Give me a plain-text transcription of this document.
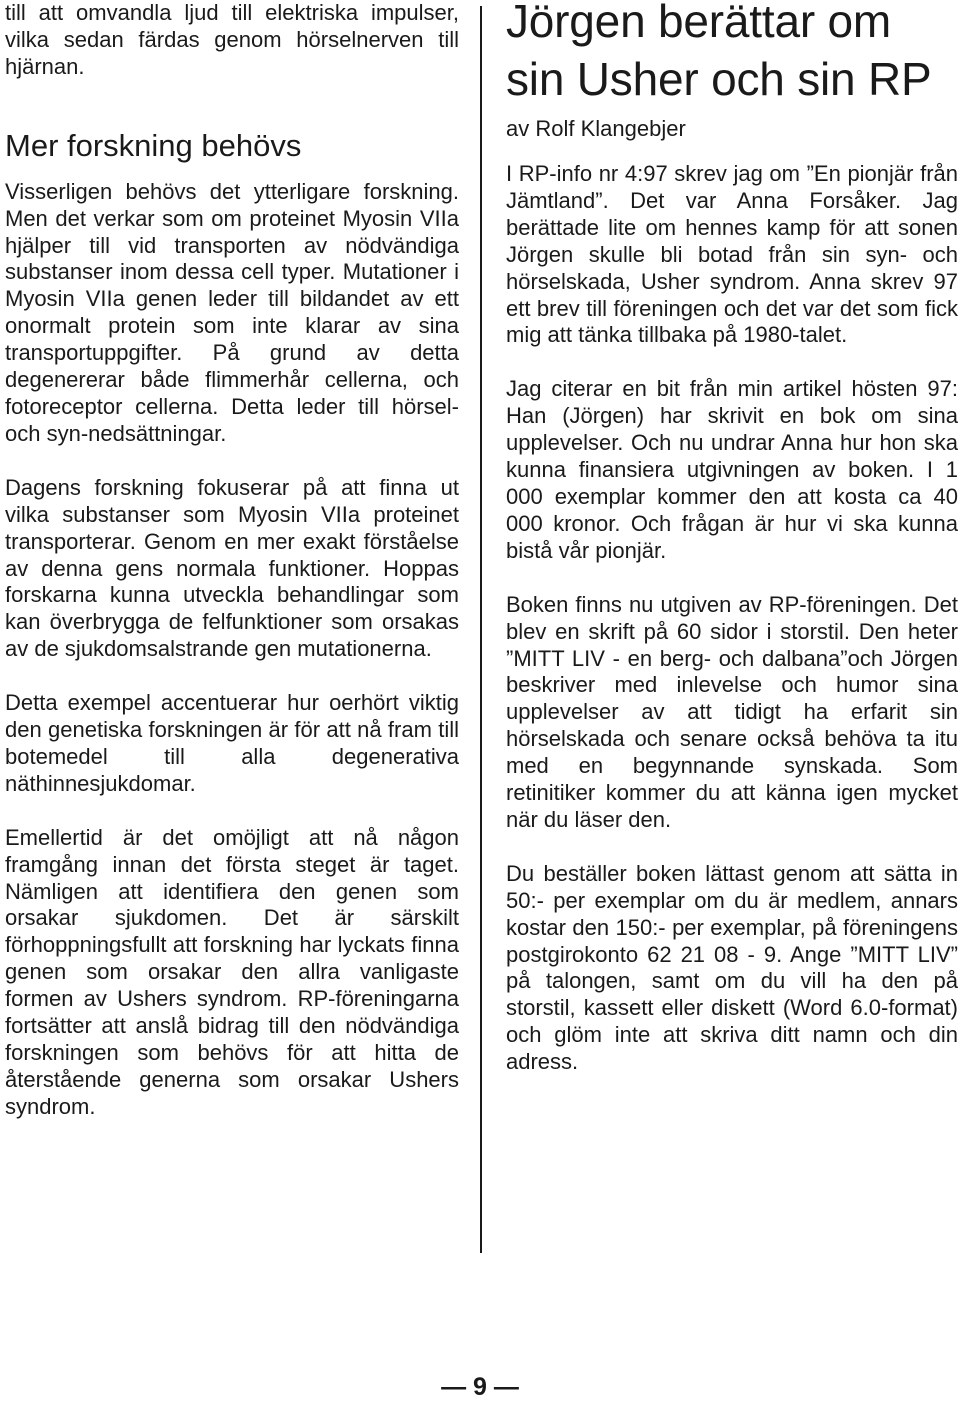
till att omvandla ljud till elektriska impulser, vilka sedan färdas genom hörselnerven till hjärnan.

Mer forskning behövs

Visserligen behövs det ytterligare forskning. Men det verkar som om proteinet Myosin VIIa hjälper till vid transporten av nödvändiga substanser inom dessa cell typer. Mutationer i Myosin VIIa genen leder till bildandet av ett onormalt protein som inte klarar av sina transportuppgifter. På grund av detta degenererar både flimmerhår cellerna, och fotoreceptor cellerna. Detta leder till hörsel- och syn-nedsättningar.

Dagens forskning fokuserar på att finna ut vilka substanser som Myosin VIIa proteinet transporterar. Genom en mer exakt förståelse av denna gens normala funktioner. Hoppas forskarna kunna utveckla behandlingar som kan överbrygga de felfunktioner som orsakas av de sjukdomsalstrande gen mutationerna.

Detta exempel accentuerar hur oerhört viktig den genetiska forskningen är för att nå fram till botemedel till alla degenerativa näthinnesjukdomar.

Emellertid är det omöjligt att nå någon framgång innan det första steget är taget. Nämligen att identifiera den genen som orsakar sjukdomen. Det är särskilt förhoppningsfullt att forskning har lyckats finna genen som orsakar den allra vanligaste formen av Ushers syndrom. RP-föreningarna fortsätter att anslå bidrag till den nödvändiga forskningen som behövs för att hitta de återstående generna som orsakar Ushers syndrom.

Jörgen berättar om sin Usher och sin RP
av Rolf Klangebjer

I RP-info nr 4:97 skrev jag om ”En pionjär från Jämtland”. Det var Anna Forsåker. Jag berättade lite om hennes kamp för att sonen Jörgen skulle bli botad från sin syn- och hörselskada, Usher syndrom. Anna skrev 97 ett brev till föreningen och det var det som fick mig att tänka tillbaka på 1980-talet.

Jag citerar en bit från min artikel hösten 97: Han (Jörgen) har skrivit en bok om sina upplevelser. Och nu undrar Anna hur hon ska kunna finansiera utgivningen av boken. I 1 000 exemplar kommer den att kosta ca 40 000 kronor. Och frågan är hur vi ska kunna bistå vår pionjär.

Boken finns nu utgiven av RP-föreningen. Det blev en skrift på 60 sidor i storstil. Den heter ”MITT LIV - en berg- och dalbana”och Jörgen beskriver med inlevelse och humor sina upplevelser av att tidigt ha erfarit sin hörselskada och senare också behöva ta itu med en begynnande synskada. Som retinitiker kommer du att känna igen mycket när du läser den.

Du beställer boken lättast genom att sätta in 50:- per exemplar om du är medlem, annars kostar den 150:- per exemplar, på föreningens postgirokonto 62 21 08 - 9. Ange ”MITT LIV” på talongen, samt om du vill ha den på storstil, kassett eller diskett (Word 6.0-format) och glöm inte att skriva ditt namn och din adress.

— 9 —
